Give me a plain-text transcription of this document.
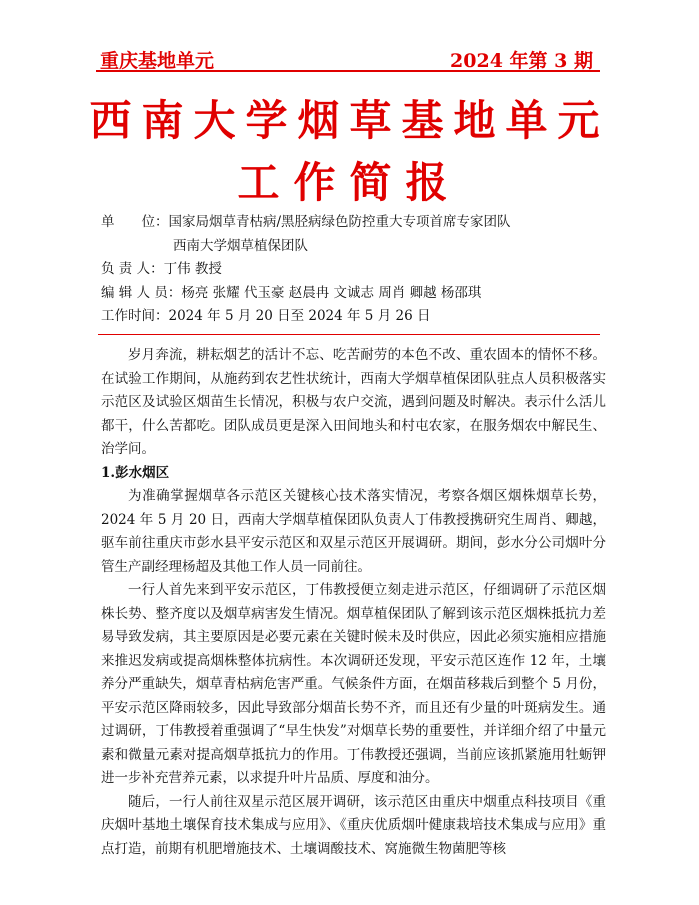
重庆基地单元	2024 年第 3 期
西南大学烟草基地单元
工作简报
单　　位：国家局烟草青枯病/黑胫病绿色防控重大专项首席专家团队
西南大学烟草植保团队
负 责 人：丁伟 教授
编 辑 人 员：杨亮 张耀 代玉豪 赵晨冉 文诚志 周肖 卿越 杨邵琪
工作时间：2024 年 5 月 20 日至 2024 年 5 月 26 日

岁月奔流，耕耘烟艺的活计不忘、吃苦耐劳的本色不改、重农固本的情怀不移。在试验工作期间，从施药到农艺性状统计，西南大学烟草植保团队驻点人员积极落实示范区及试验区烟苗生长情况，积极与农户交流，遇到问题及时解决。表示什么活儿都干，什么苦都吃。团队成员更是深入田间地头和村屯农家，在服务烟农中解民生、治学问。

1.彭水烟区

为准确掌握烟草各示范区关键核心技术落实情况，考察各烟区烟株烟草长势，2024 年 5 月 20 日，西南大学烟草植保团队负责人丁伟教授携研究生周肖、卿越，驱车前往重庆市彭水县平安示范区和双星示范区开展调研。期间，彭水分公司烟叶分管生产副经理杨超及其他工作人员一同前往。

一行人首先来到平安示范区，丁伟教授便立刻走进示范区，仔细调研了示范区烟株长势、整齐度以及烟草病害发生情况。烟草植保团队了解到该示范区烟株抵抗力差易导致发病，其主要原因是必要元素在关键时候未及时供应，因此必须实施相应措施来推迟发病或提高烟株整体抗病性。本次调研还发现，平安示范区连作 12 年，土壤养分严重缺失，烟草青枯病危害严重。气候条件方面，在烟苗移栽后到整个 5 月份，平安示范区降雨较多，因此导致部分烟苗长势不齐，而且还有少量的叶斑病发生。通过调研，丁伟教授着重强调了“早生快发”对烟草长势的重要性，并详细介绍了中量元素和微量元素对提高烟草抵抗力的作用。丁伟教授还强调，当前应该抓紧施用牡蛎钾进一步补充营养元素，以求提升叶片品质、厚度和油分。

随后，一行人前往双星示范区展开调研，该示范区由重庆中烟重点科技项目《重庆烟叶基地土壤保育技术集成与应用》、《重庆优质烟叶健康栽培技术集成与应用》重点打造，前期有机肥增施技术、土壤调酸技术、窝施微生物菌肥等核
